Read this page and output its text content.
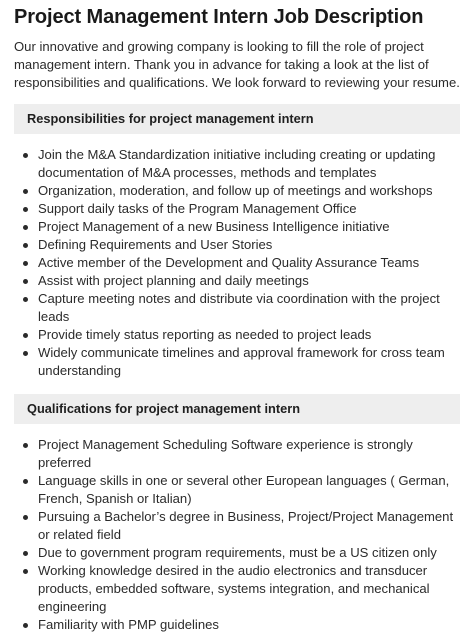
Project Management Intern Job Description

Our innovative and growing company is looking to fill the role of project management intern. Thank you in advance for taking a look at the list of responsibilities and qualifications. We look forward to reviewing your resume.

Responsibilities for project management intern
Join the M&A Standardization initiative including creating or updating documentation of M&A processes, methods and templates
Organization, moderation, and follow up of meetings and workshops
Support daily tasks of the Program Management Office
Project Management of a new Business Intelligence initiative
Defining Requirements and User Stories
Active member of the Development and Quality Assurance Teams
Assist with project planning and daily meetings
Capture meeting notes and distribute via coordination with the project leads
Provide timely status reporting as needed to project leads
Widely communicate timelines and approval framework for cross team understanding
Qualifications for project management intern
Project Management Scheduling Software experience is strongly preferred
Language skills in one or several other European languages ( German, French, Spanish or Italian)
Pursuing a Bachelor’s degree in Business, Project/Project Management or related field
Due to government program requirements, must be a US citizen only
Working knowledge desired in the audio electronics and transducer products, embedded software, systems integration, and mechanical engineering
Familiarity with PMP guidelines
